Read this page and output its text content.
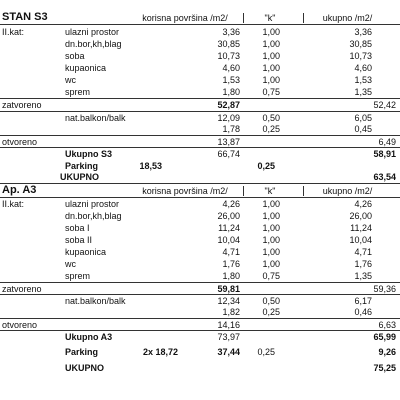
STAN S3	korisna površina /m2/	"k"	ukupno /m2/
II.kat:	ulazni prostor	3,36	1,00	3,36
dn.bor,kh,blag	30,85	1,00	30,85
soba	10,73	1,00	10,73
kupaonica	4,60	1,00	4,60
wc	1,53	1,00	1,53
sprem	1,80	0,75	1,35
zatvoreno	52,87	52,42
nat.balkon/balk	12,09	0,50	6,05
1,78	0,25	0,45
otvoreno	13,87	6,49
Ukupno S3	66,74	58,91
Parking	18,53	0,25
UKUPNO	63,54
Ap. A3	korisna površina /m2/	"k"	ukupno /m2/
II.kat:	ulazni prostor	4,26	1,00	4,26
dn.bor,kh,blag	26,00	1,00	26,00
soba I	11,24	1,00	11,24
soba II	10,04	1,00	10,04
kupaonica	4,71	1,00	4,71
wc	1,76	1,00	1,76
sprem	1,80	0,75	1,35
zatvoreno	59,81	59,36
nat.balkon/balk	12,34	0,50	6,17
1,82	0,25	0,46
otvoreno	14,16	6,63
Ukupno A3	73,97	65,99
Parking	2x 18,72	37,44	0,25	9,26
UKUPNO	75,25
